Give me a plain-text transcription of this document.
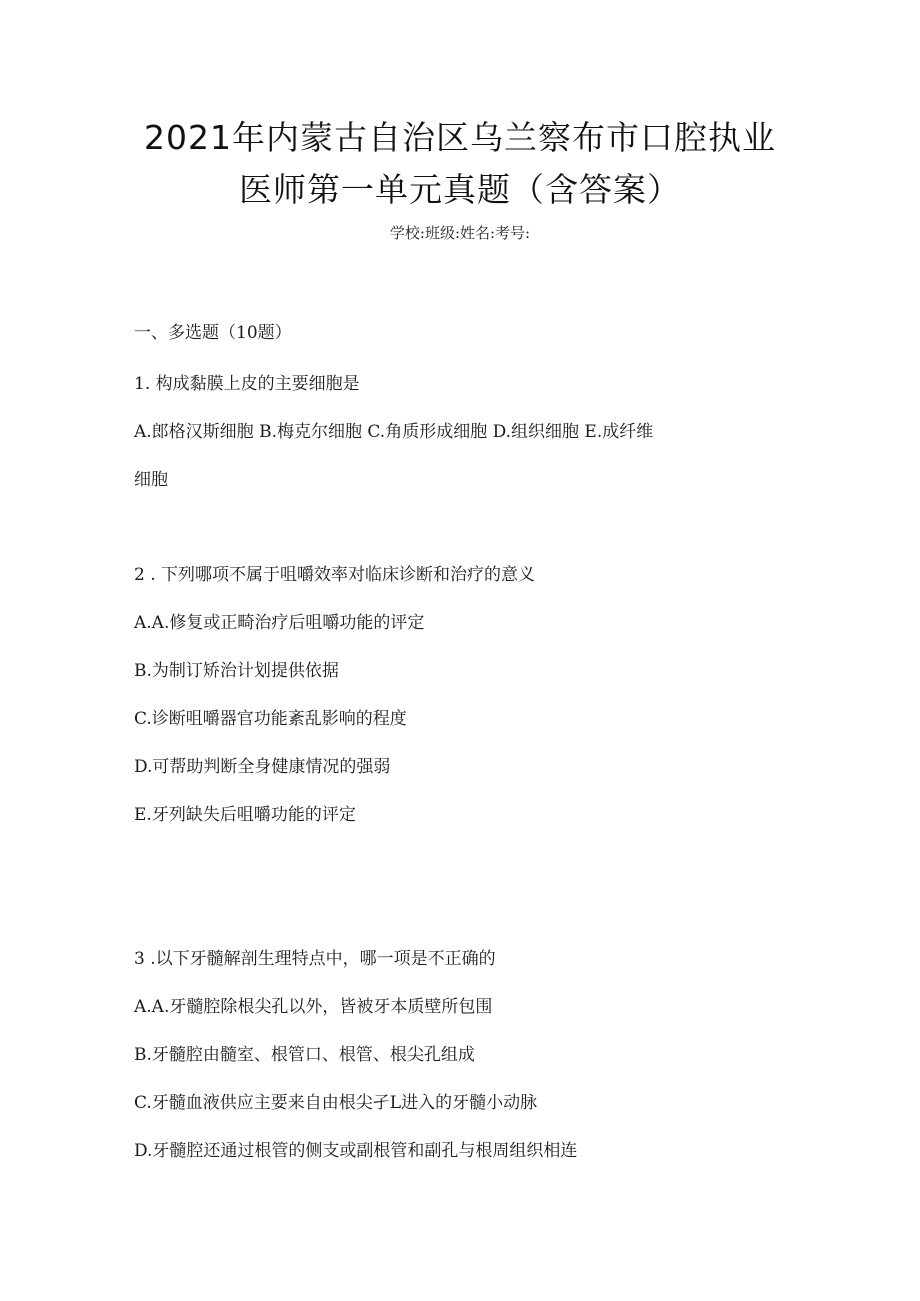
2021年内蒙古自治区乌兰察布市口腔执业
医师第一单元真题（含答案）
学校:班级:姓名:考号:
一、多选题（10题）
1. 构成黏膜上皮的主要细胞是
A.郎格汉斯细胞 B.梅克尔细胞 C.角质形成细胞 D.组织细胞 E.成纤维
细胞
2 . 下列哪项不属于咀嚼效率对临床诊断和治疗的意义
A.A.修复或正畸治疗后咀嚼功能的评定
B.为制订矫治计划提供依据
C.诊断咀嚼器官功能紊乱影响的程度
D.可帮助判断全身健康情况的强弱
E.牙列缺失后咀嚼功能的评定
3 .以下牙髓解剖生理特点中，哪一项是不正确的
A.A.牙髓腔除根尖孔以外，皆被牙本质壁所包围
B.牙髓腔由髓室、根管口、根管、根尖孔组成
C.牙髓血液供应主要来自由根尖孑L进入的牙髓小动脉
D.牙髓腔还通过根管的侧支或副根管和副孔与根周组织相连
